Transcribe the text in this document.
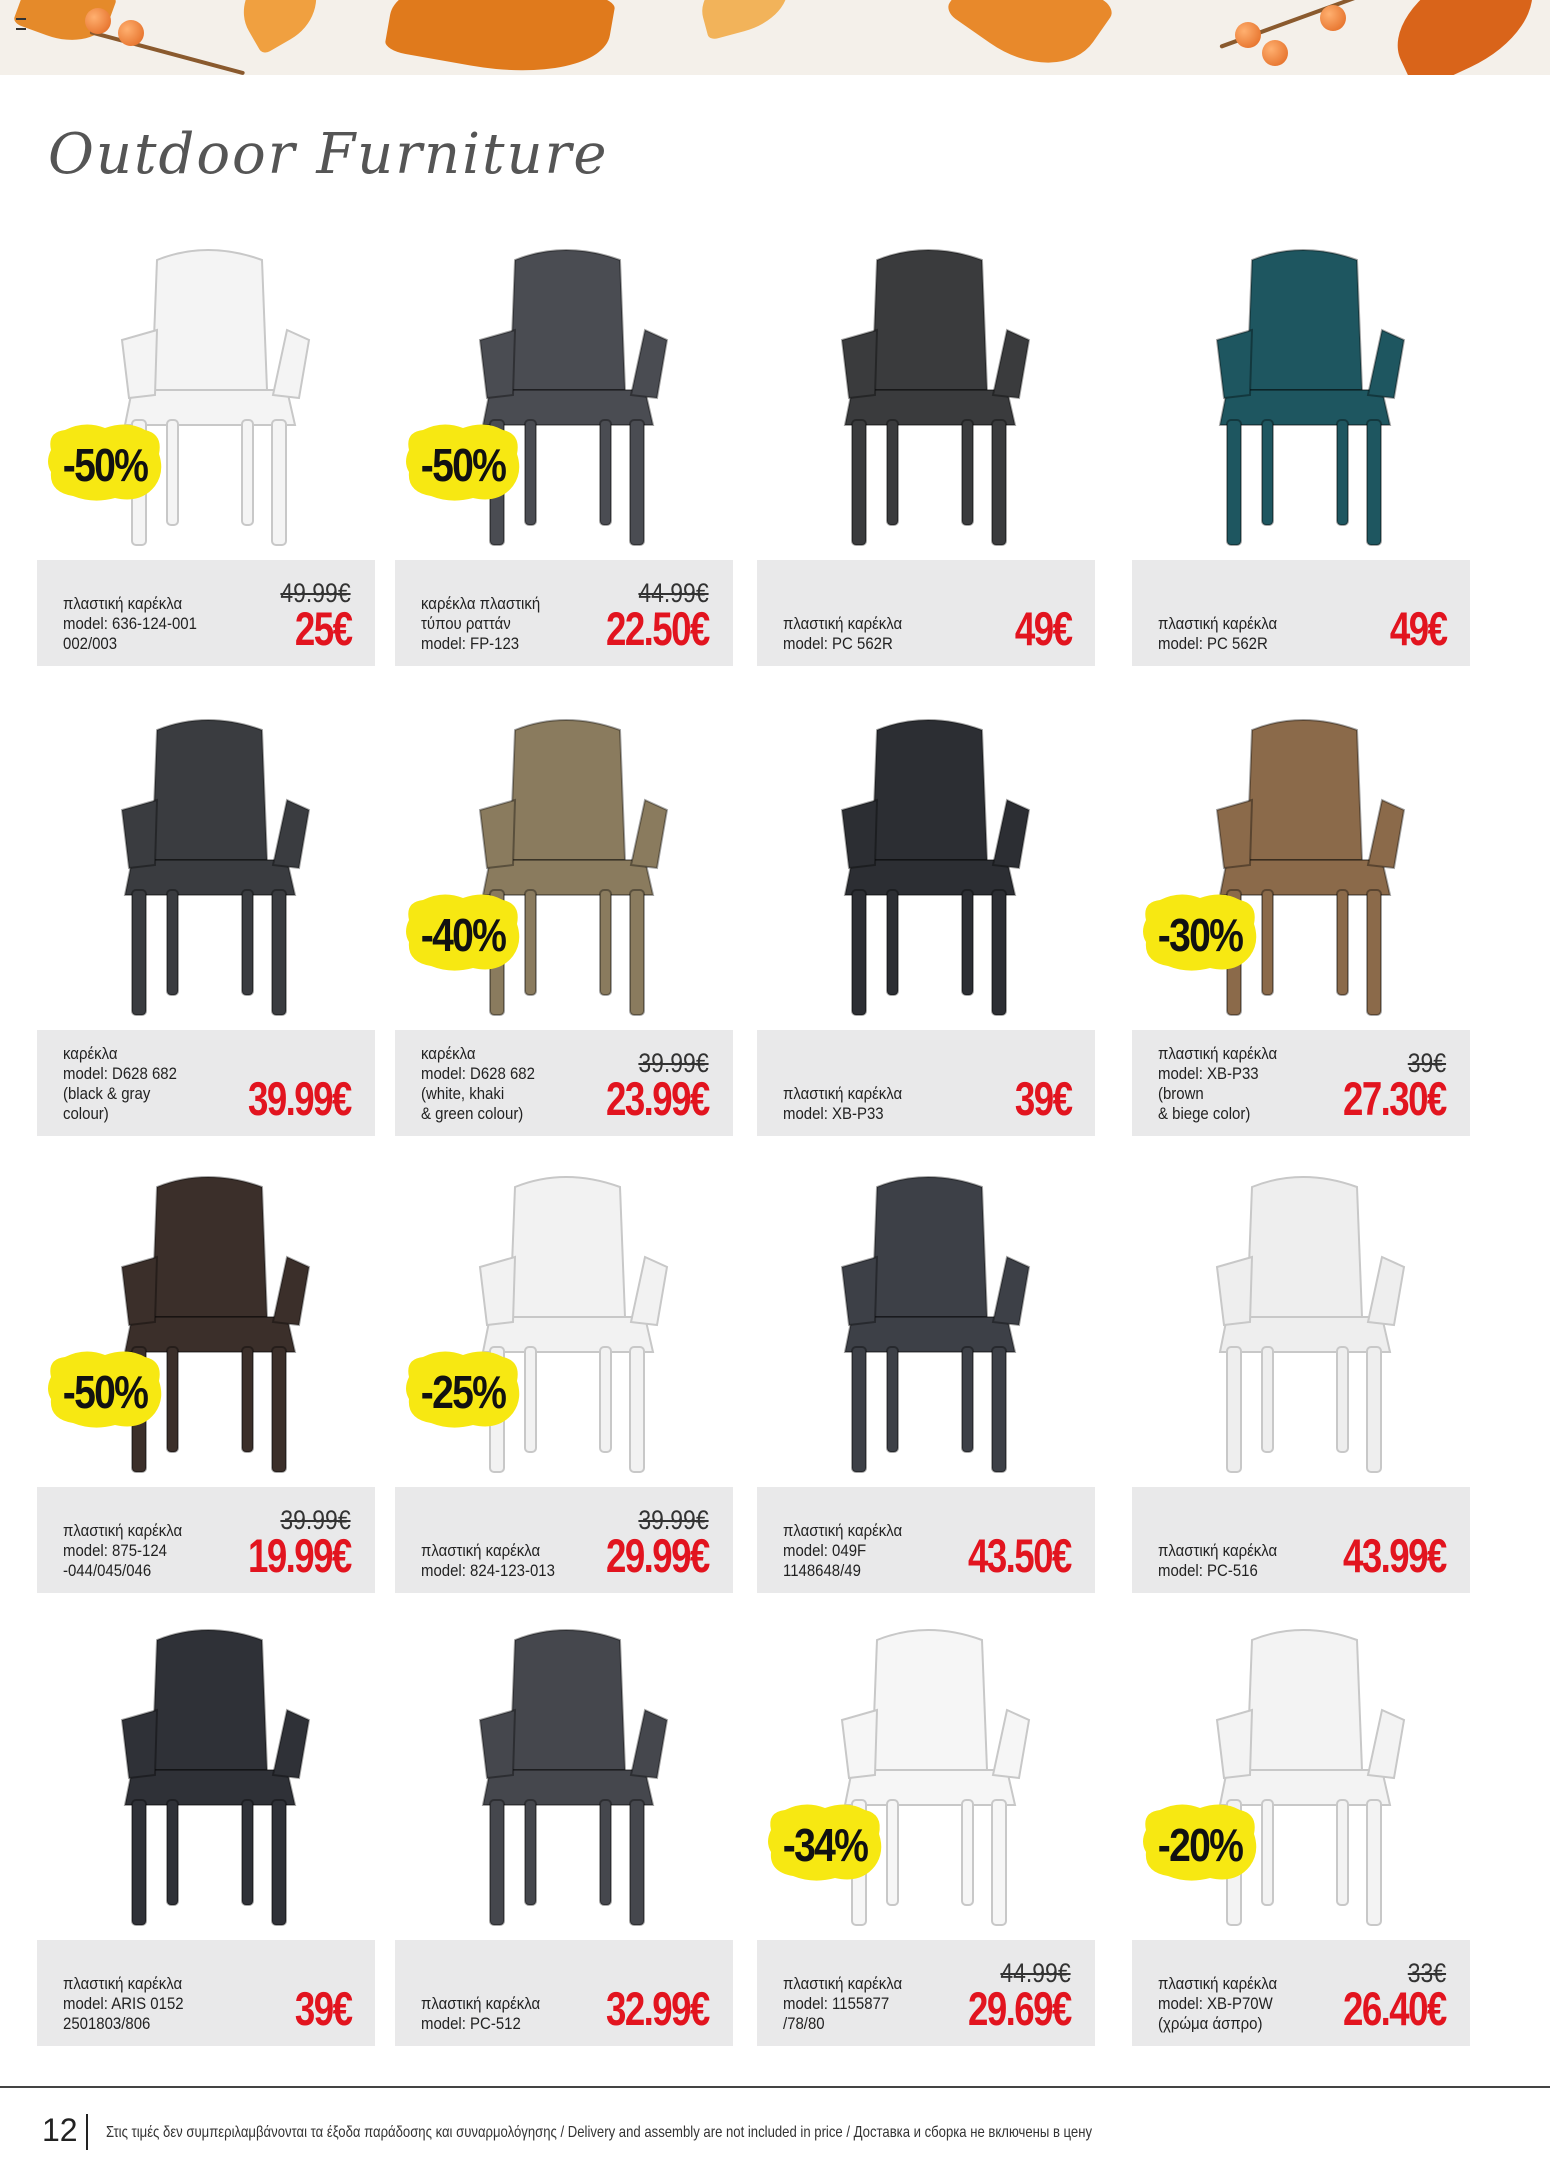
Outdoor Furniture
πλαστική καρέκλα
model: 636-124-001
002/003
49.99€
25€
-50%
καρέκλα πλαστική
τύπου ραττάν
model: FP-123
44.99€
22.50€
-50%
πλαστική καρέκλα
model: PC 562R	49€	πλαστική καρέκλα
model: PC 562R	49€
καρέκλα
model: D628 682
(black & gray
colour)	39.99€
καρέκλα
model: D628 682
(white, khaki
& green colour)
39.99€
23.99€
-40%
πλαστική καρέκλα
model: XB-P33	39€
πλαστική καρέκλα
model: XB-P33
(brown
& biege color)
39€
27.30€
-30%
πλαστική καρέκλα
model: 875-124
-044/045/046
39.99€
19.99€
-50%
πλαστική καρέκλα
model: 824-123-013
39.99€
29.99€
-25%
πλαστική καρέκλα
model: 049F
1148648/49	43.50€	πλαστική καρέκλα
model: PC-516	43.99€
πλαστική καρέκλα
model: ARIS 0152
2501803/806	39€	πλαστική καρέκλα
model: PC-512	32.99€	πλαστική καρέκλα
model: 1155877
/78/80
44.99€
29.69€
-34%
πλαστική καρέκλα
model: XB-P70W
(χρώμα άσπρο)
33€
26.40€
-20%
12 Στις τιμές δεν συμπεριλαμβάνονται τα έξοδα παράδοσης και συναρμολόγησης / Delivery and assembly are not included in price / Доставка и сборка не включены в цену
